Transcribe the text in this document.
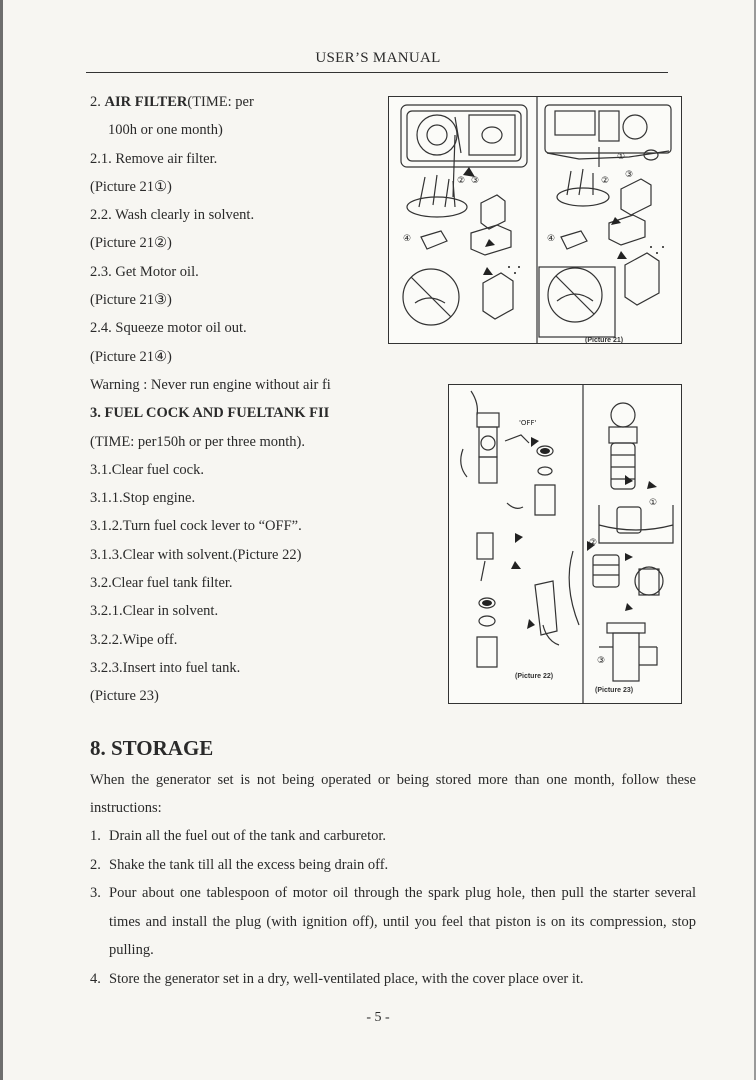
USER’S MANUAL
2. AIR FILTER(TIME: per
100h or one month)
2.1. Remove air filter.
(Picture 21①)
2.2. Wash clearly in solvent.
(Picture 21②)
2.3. Get Motor oil.
(Picture 21③)
2.4. Squeeze motor oil out.
(Picture 21④)
Warning : Never run engine without air fi
3. FUEL COCK AND FUELTANK FII
(TIME: per150h or per three month).
3.1.Clear fuel cock.
3.1.1.Stop engine.
3.1.2.Turn fuel cock lever to “OFF”.
3.1.3.Clear with solvent.(Picture 22)
3.2.Clear fuel tank filter.
3.2.1.Clear in solvent.
3.2.2.Wipe off.
3.2.3.Insert into fuel tank.
(Picture 23)
② ③
④
①
②
③
④
(Picture 21)
'OFF'
①
②
③
(Picture 22)
(Picture 23)
8. STORAGE
When the generator set is not being operated or being stored more than one month, follow these instructions:
1. Drain all the fuel out of the tank and carburetor.
2. Shake the tank till all the excess being drain off.
3. Pour about one tablespoon of motor oil through the spark plug hole, then pull the starter several times and install the plug (with ignition off), until you feel that piston is on its compression, stop pulling.
4. Store the generator set in a dry, well-ventilated place, with the cover place over it.
- 5 -
